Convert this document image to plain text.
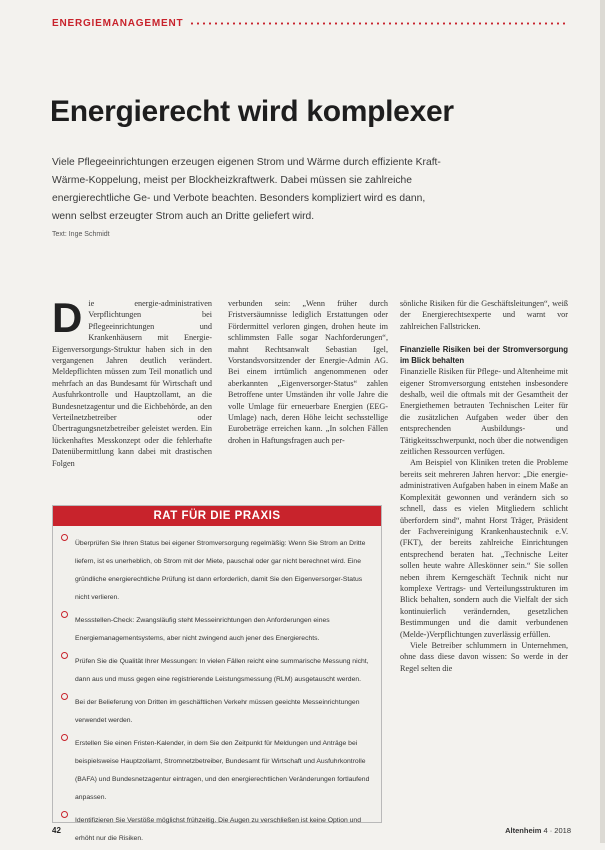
ENERGIEMANAGEMENT
Energierecht wird komplexer
Viele Pflegeeinrichtungen erzeugen eigenen Strom und Wärme durch effiziente Kraft-Wärme-Koppelung, meist per Blockheizkraftwerk. Dabei müssen sie zahlreiche energierechtliche Ge- und Verbote beachten. Besonders kompliziert wird es dann, wenn selbst erzeugter Strom auch an Dritte geliefert wird.
Text: Inge Schmidt
D ie energie-administrativen Verpflichtungen bei Pflegeeinrichtungen und Krankenhäusern mit Energie-Eigenversorgungs-Struktur haben sich in den vergangenen Jahren deutlich verändert. Meldepflichten müssen zum Teil monatlich und mehrfach an das Bundesamt für Wirtschaft und Ausfuhrkontrolle und Hauptzollamt, an die Bundesnetzagentur und die Eichbehörde, an den Verteilnetzbetreiber oder Übertragungsnetzbetreiber geleistet werden. Ein lückenhaftes Messkonzept oder die fehlerhafte Datenübermittlung kann dabei mit drastischen Folgen

verbunden sein: „Wenn früher durch Fristversäumnisse lediglich Erstattungen oder Fördermittel verloren gingen, drohen heute im schlimmsten Falle sogar Nachforderungen“, mahnt Rechtsanwalt Sebastian Igel, Vorstandsvorsitzender der Energie-Admin AG. Bei einem irrtümlich angenommenen oder aberkannten „Eigenversorger-Status“ zahlen Betroffene unter Umständen ihr volle Jahre die volle Umlage für erneuerbare Energien (EEG-Umlage) nach, deren Höhe leicht sechsstellige Eurobeträge erreichen kann. „In solchen Fällen drohen in Haftungsfragen auch per-

sönliche Risiken für die Geschäftsleitungen“, weiß der Energierechtsexperte und warnt vor zahlreichen Fallstricken.

Finanzielle Risiken bei der Stromversorgung im Blick behalten

Finanzielle Risiken für Pflege- und Altenheime mit eigener Stromversorgung entstehen insbesondere deshalb, weil die oftmals mit der Gesamtheit der Energiethemen betrauten Technischen Leiter für die zusätzlichen Aufgaben weder über den entsprechenden Ausbildungs- und Tätigkeitsschwerpunkt, noch über die notwendigen zeitlichen Ressourcen verfügen.

Am Beispiel von Kliniken treten die Probleme bereits seit mehreren Jahren hervor: „Die energie-administrativen Aufgaben haben in einem Maße an Komplexität gewonnen und verändern sich so schnell, dass es vielen Mitgliedern schlicht überfordern sind“, mahnt Horst Träger, Präsident der Fachvereinigung Krankenhaustechnik e.V. (FKT), der bereits zahlreiche Einrichtungen entsprechend beraten hat. „Technische Leiter sollen heute wahre Alleskönner sein.“ Sie sollen neben ihrem Kerngeschäft Technik nicht nur komplexe Vertrags- und Verteilungsstrukturen im Blick behalten, sondern auch die Vielfalt der sich kontinuierlich verändernden, gesetzlichen Bestimmungen und die damit verbundenen (Melde-)Verpflichtungen zuverlässig erfüllen.

Viele Betreiber schlummern in Unternehmen, ohne dass diese davon wissen: So werde in der Regel selten die

RAT FÜR DIE PRAXIS
Überprüfen Sie Ihren Status bei eigener Stromversorgung regelmäßig: Wenn Sie Strom an Dritte liefern, ist es unerheblich, ob Strom mit der Miete, pauschal oder gar nicht berechnet wird. Eine gründliche energierechtliche Prüfung ist dann erforderlich, damit Sie den Eigenversorger-Status nicht verlieren.
Messstellen-Check: Zwangsläufig steht Messeinrichtungen den Anforderungen eines Energiemanagementsystems, aber nicht zwingend auch jener des Energierechts.
Prüfen Sie die Qualität Ihrer Messungen: In vielen Fällen reicht eine summarische Messung nicht, dann aus und muss gegen eine registrierende Leistungsmessung (RLM) ausgetauscht werden.
Bei der Belieferung von Dritten im geschäftlichen Verkehr müssen geeichte Messeinrichtungen verwendet werden.
Erstellen Sie einen Fristen-Kalender, in dem Sie den Zeitpunkt für Meldungen und Anträge bei beispielsweise Hauptzollamt, Stromnetzbetreiber, Bundesamt für Wirtschaft und Ausfuhrkontrolle (BAFA) und Bundesnetzagentur eintragen, und den energierechtlichen Veränderungen fortlaufend anpassen.
Identifizieren Sie Verstöße möglichst frühzeitig. Die Augen zu verschließen ist keine Option und erhöht nur die Risiken.
42	Altenheim 4 · 2018
